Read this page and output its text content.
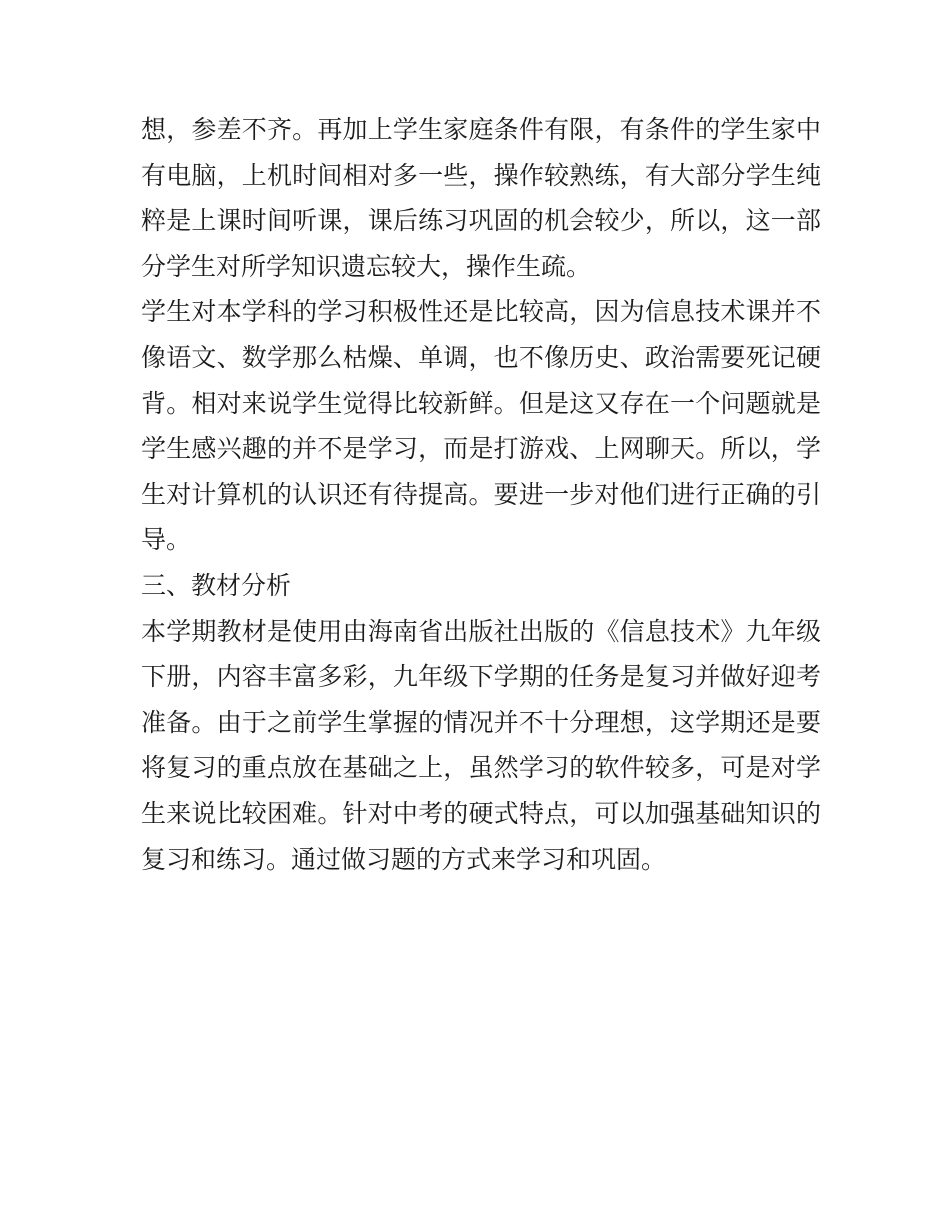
想，参差不齐。再加上学生家庭条件有限，有条件的学生家中
有电脑，上机时间相对多一些，操作较熟练，有大部分学生纯
粹是上课时间听课，课后练习巩固的机会较少，所以，这一部
分学生对所学知识遗忘较大，操作生疏。
学生对本学科的学习积极性还是比较高，因为信息技术课并不
像语文、数学那么枯燥、单调，也不像历史、政治需要死记硬
背。相对来说学生觉得比较新鲜。但是这又存在一个问题就是
学生感兴趣的并不是学习，而是打游戏、上网聊天。所以，学
生对计算机的认识还有待提高。要进一步对他们进行正确的引
导。
三、教材分析
本学期教材是使用由海南省出版社出版的《信息技术》九年级
下册，内容丰富多彩，九年级下学期的任务是复习并做好迎考
准备。由于之前学生掌握的情况并不十分理想，这学期还是要
将复习的重点放在基础之上，虽然学习的软件较多，可是对学
生来说比较困难。针对中考的硬式特点，可以加强基础知识的
复习和练习。通过做习题的方式来学习和巩固。
